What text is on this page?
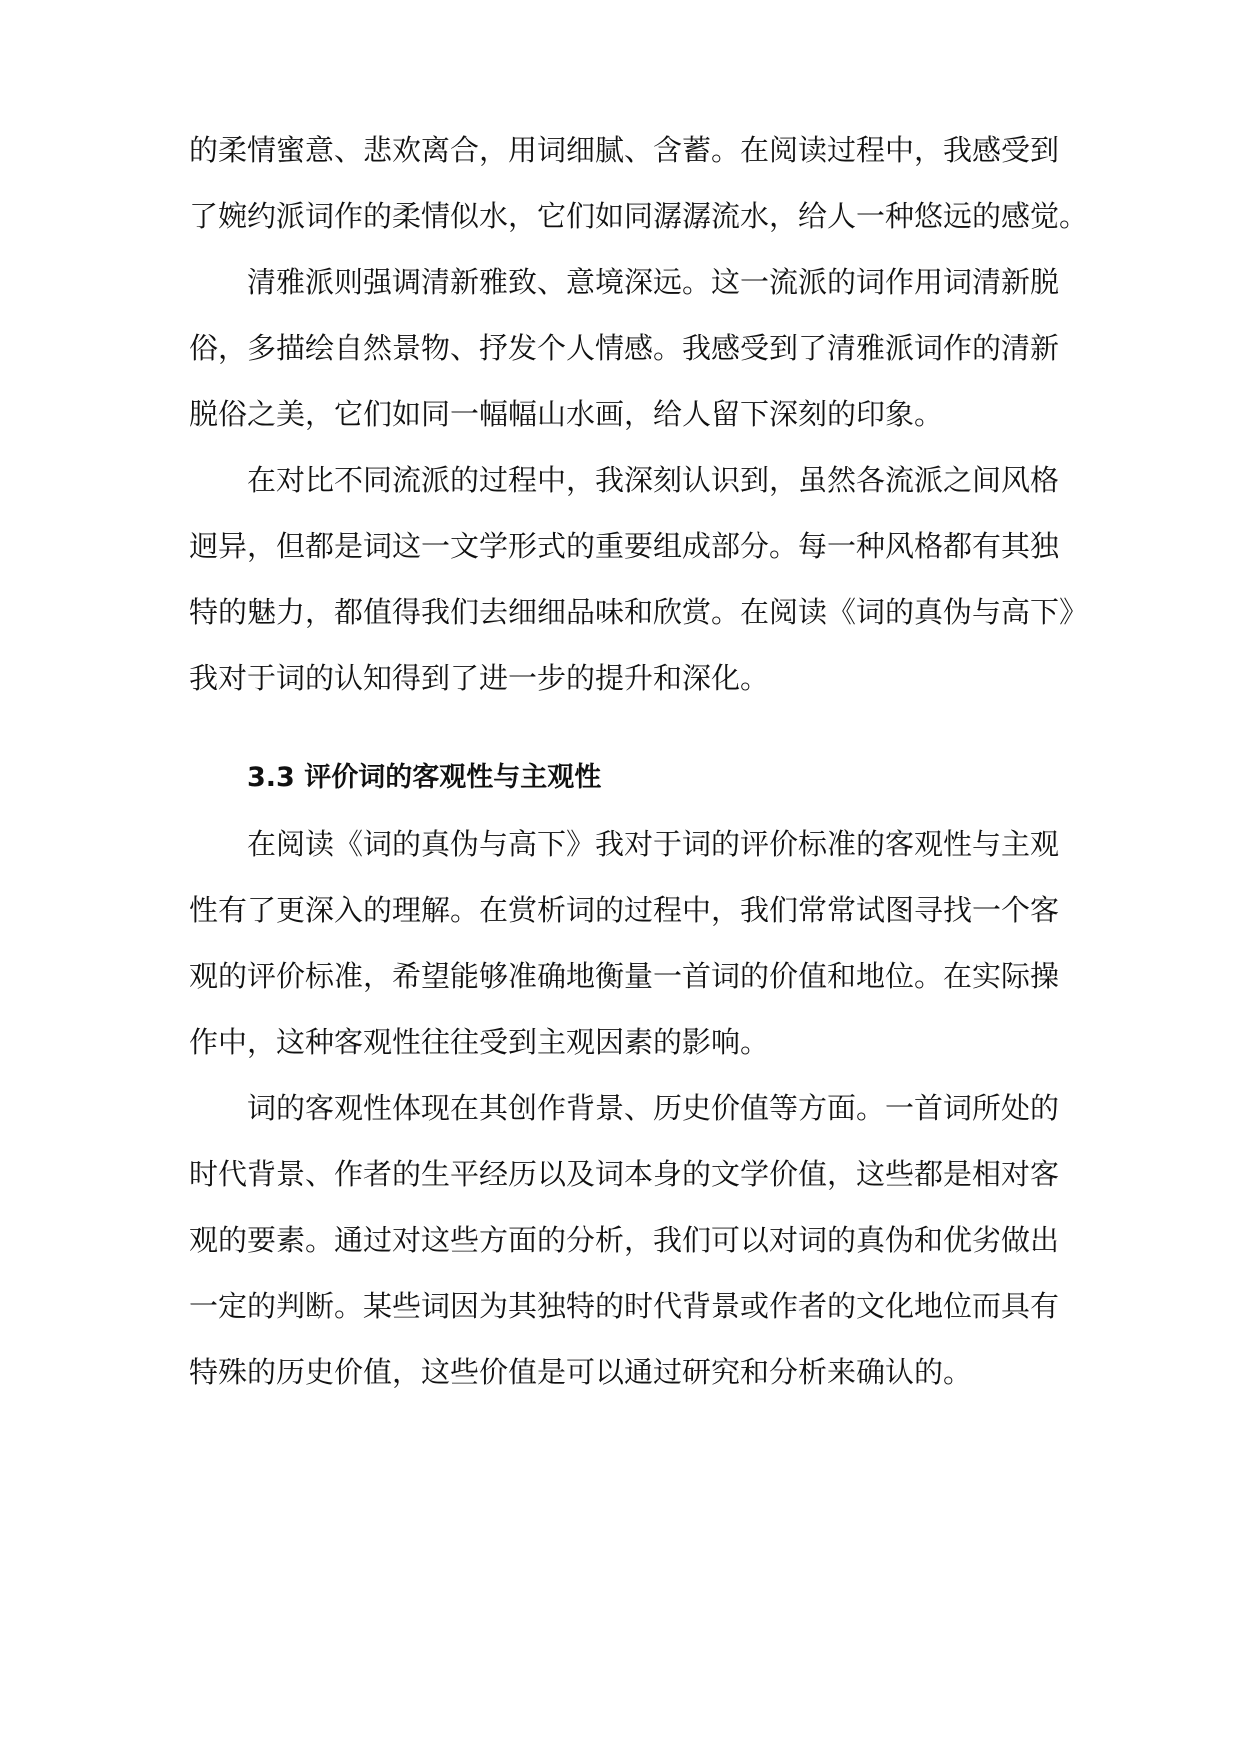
的柔情蜜意、悲欢离合，用词细腻、含蓄。在阅读过程中，我感受到
了婉约派词作的柔情似水，它们如同潺潺流水，给人一种悠远的感觉。
清雅派则强调清新雅致、意境深远。这一流派的词作用词清新脱
俗，多描绘自然景物、抒发个人情感。我感受到了清雅派词作的清新
脱俗之美，它们如同一幅幅山水画，给人留下深刻的印象。
在对比不同流派的过程中，我深刻认识到，虽然各流派之间风格
迥异，但都是词这一文学形式的重要组成部分。每一种风格都有其独
特的魅力，都值得我们去细细品味和欣赏。在阅读《词的真伪与高下》
我对于词的认知得到了进一步的提升和深化。
3.3 评价词的客观性与主观性
在阅读《词的真伪与高下》我对于词的评价标准的客观性与主观
性有了更深入的理解。在赏析词的过程中，我们常常试图寻找一个客
观的评价标准，希望能够准确地衡量一首词的价值和地位。在实际操
作中，这种客观性往往受到主观因素的影响。
词的客观性体现在其创作背景、历史价值等方面。一首词所处的
时代背景、作者的生平经历以及词本身的文学价值，这些都是相对客
观的要素。通过对这些方面的分析，我们可以对词的真伪和优劣做出
一定的判断。某些词因为其独特的时代背景或作者的文化地位而具有
特殊的历史价值，这些价值是可以通过研究和分析来确认的。
